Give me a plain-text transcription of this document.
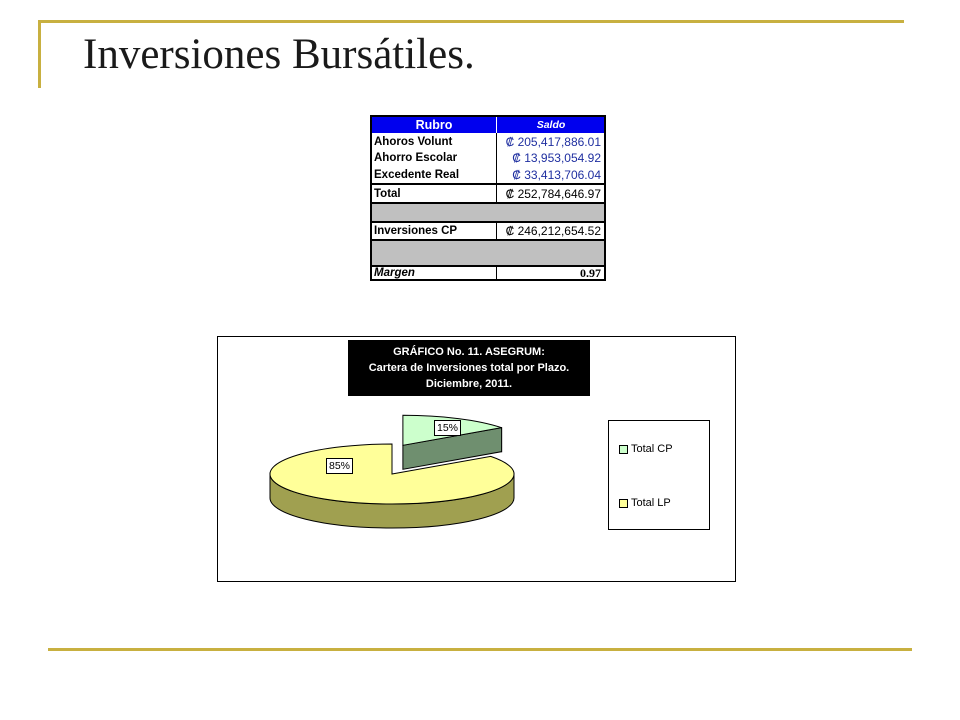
Inversiones Bursátiles.
Rubro	Saldo
Ahoros Volunt	₡ 205,417,886.01
Ahorro Escolar	₡ 13,953,054.92
Excedente Real	₡ 33,413,706.04
Total	₡ 252,784,646.97
Inversiones CP	₡ 246,212,654.52
Margen	0.97
GRÁFICO No. 11. ASEGRUM:
Cartera de Inversiones total por Plazo.
Diciembre, 2011.
15%
85%
Total CP
Total LP
